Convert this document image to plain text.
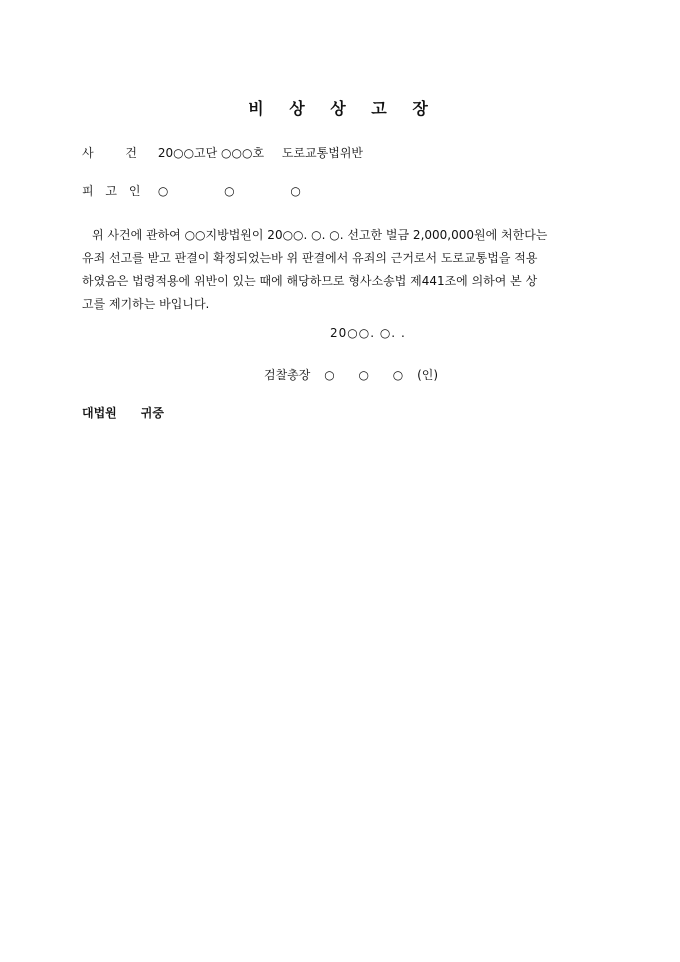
비 상 상 고 장
사 건 20○○고단 ○○○호 도로교통법위반
피 고 인 ○ ○ ○
위 사건에 관하여 ○○지방법원이 20○○. ○. ○. 선고한 벌금 2,000,000원에 처한다는
유죄 선고를 받고 판결이 확정되었는바 위 판결에서 유죄의 근거로서 도로교통법을 적용
하였음은 법령적용에 위반이 있는 때에 해당하므로 형사소송법 제441조에 의하여 본 상
고를 제기하는 바입니다.
20○○. ○. .
검찰총장 ○ ○ ○ (인)
대법원 귀중
